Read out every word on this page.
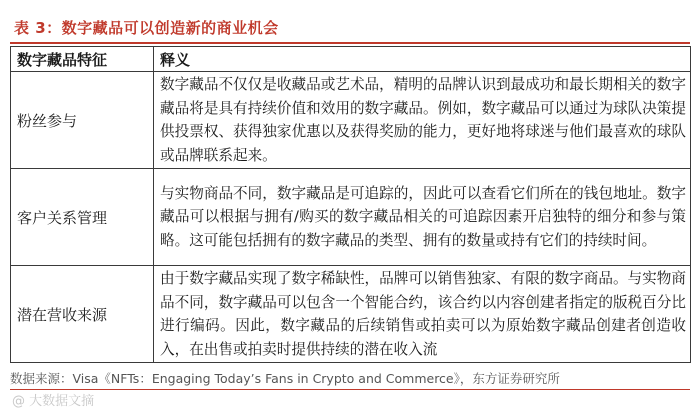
表 3：数字藏品可以创造新的商业机会
数字藏品特征	释义
粉丝参与	数字藏品不仅仅是收藏品或艺术品，精明的品牌认识到最成功和最长期相关的数字藏品将是具有持续价值和效用的数字藏品。例如，数字藏品可以通过为球队决策提供投票权、获得独家优惠以及获得奖励的能力，更好地将球迷与他们最喜欢的球队或品牌联系起来。
客户关系管理	与实物商品不同，数字藏品是可追踪的，因此可以查看它们所在的钱包地址。数字藏品可以根据与拥有/购买的数字藏品相关的可追踪因素开启独特的细分和参与策略。这可能包括拥有的数字藏品的类型、拥有的数量或持有它们的持续时间。
潜在营收来源	由于数字藏品实现了数字稀缺性，品牌可以销售独家、有限的数字商品。与实物商品不同，数字藏品可以包含一个智能合约，该合约以内容创建者指定的版税百分比进行编码。因此，数字藏品的后续销售或拍卖可以为原始数字藏品创建者创造收入，在出售或拍卖时提供持续的潜在收入流
数据来源：Visa《NFTs：Engaging Today’s Fans in Crypto and Commerce》，东方证券研究所
@ 大数据文摘
